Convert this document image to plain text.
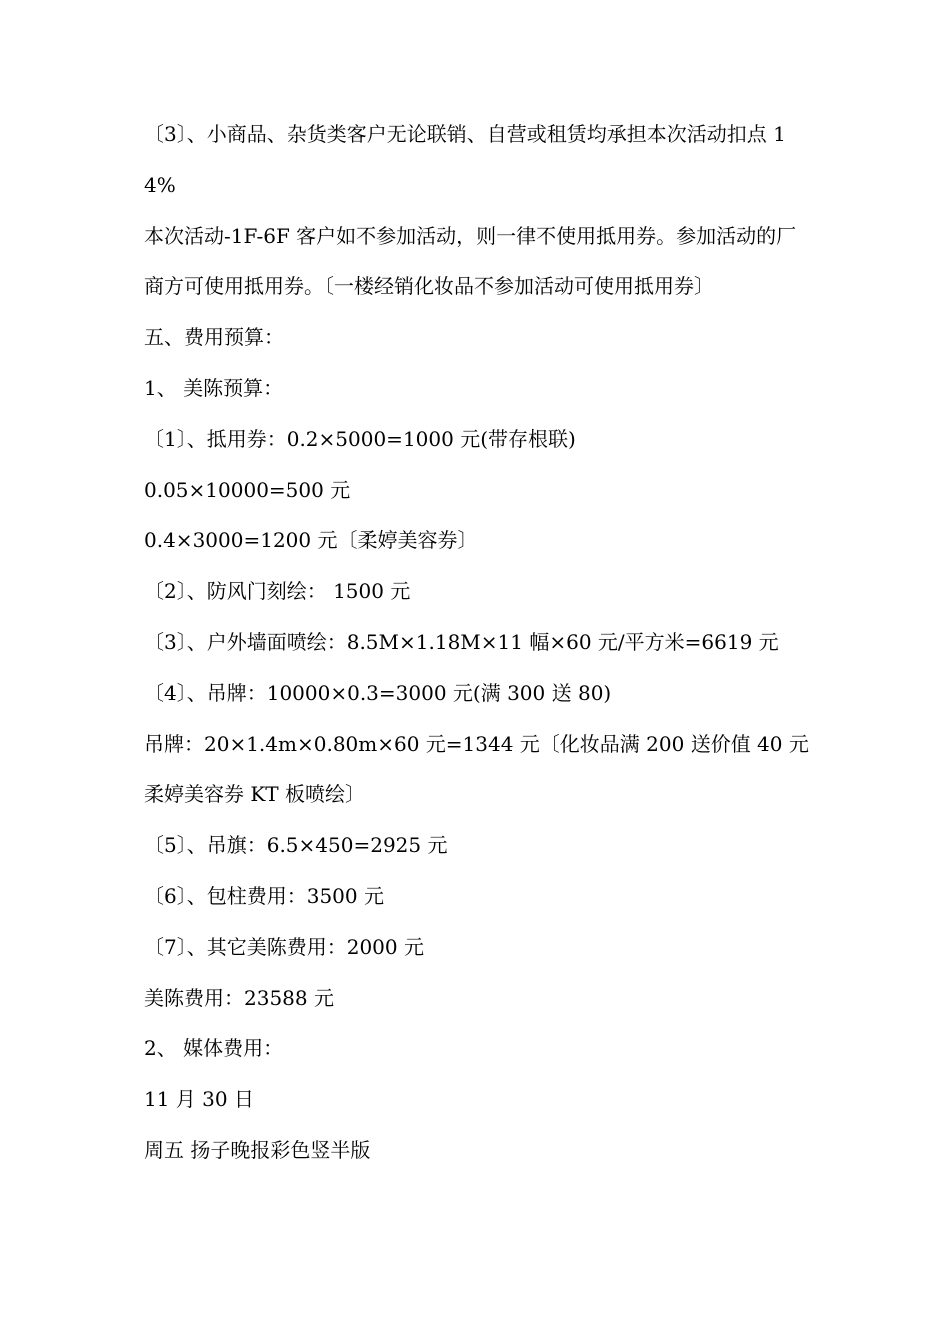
〔3〕、小商品、杂货类客户无论联销、自营或租赁均承担本次活动扣点 14%

本次活动-1F-6F 客户如不参加活动，则一律不使用抵用券。参加活动的厂商方可使用抵用券。〔一楼经销化妆品不参加活动可使用抵用券〕

五、费用预算：

1、 美陈预算：

〔1〕、抵用券：0.2×5000=1000 元(带存根联)

0.05×10000=500 元

0.4×3000=1200 元〔柔婷美容券〕

〔2〕、防风门刻绘： 1500 元

〔3〕、户外墙面喷绘：8.5M×1.18M×11 幅×60 元/平方米=6619 元

〔4〕、吊牌：10000×0.3=3000 元(满 300 送 80)

吊牌：20×1.4m×0.80m×60 元=1344 元〔化妆品满 200 送价值 40 元柔婷美容券 KT 板喷绘〕

〔5〕、吊旗：6.5×450=2925 元

〔6〕、包柱费用：3500 元

〔7〕、其它美陈费用：2000 元

美陈费用：23588 元

2、 媒体费用：

11 月 30 日

周五 扬子晚报彩色竖半版
